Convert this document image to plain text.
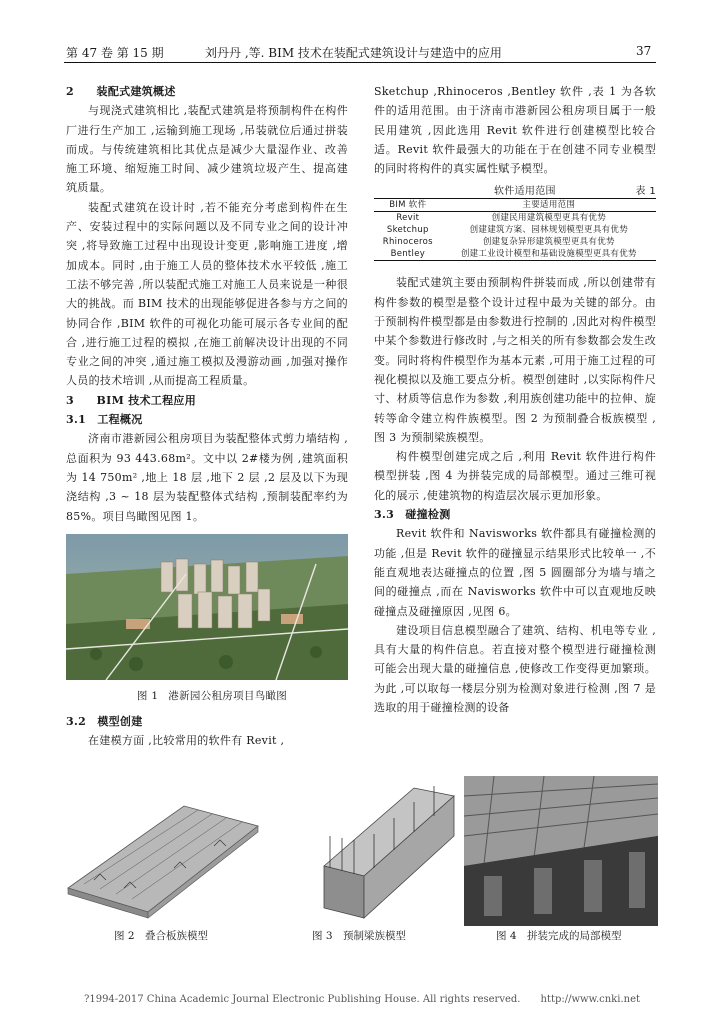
第 47 卷 第 15 期	刘丹丹 ,等. BIM 技术在装配式建筑设计与建造中的应用	37
2　　装配式建筑概述

与现浇式建筑相比 ,装配式建筑是将预制构件在构件厂进行生产加工 ,运输到施工现场 ,吊装就位后通过拼装而成。与传统建筑相比其优点是减少大量湿作业、改善施工环境、缩短施工时间、减少建筑垃圾产生、提高建筑质量。

装配式建筑在设计时 ,若不能充分考虑到构件在生产、安装过程中的实际问题以及不同专业之间的设计冲突 ,将导致施工过程中出现设计变更 ,影响施工进度 ,增加成本。同时 ,由于施工人员的整体技术水平较低 ,施工工法不够完善 ,所以装配式施工对施工人员来说是一种很大的挑战。而 BIM 技术的出现能够促进各参与方之间的协同合作 ,BIM 软件的可视化功能可展示各专业间的配合 ,进行施工过程的模拟 ,在施工前解决设计出现的不同专业之间的冲突 ,通过施工模拟及漫游动画 ,加强对操作人员的技术培训 ,从而提高工程质量。

3　　BIM 技术工程应用
3.1　工程概况

济南市港新园公租房项目为装配整体式剪力墙结构 ,总面积为 93 443.68m²。文中以 2#楼为例 ,建筑面积为 14 750m² ,地上 18 层 ,地下 2 层 ,2 层及以下为现浇结构 ,3 ~ 18 层为装配整体式结构 ,预制装配率约为 85%。项目鸟瞰图见图 1。

图 1 港新园公租房项目鸟瞰图
3.2　模型创建

在建模方面 ,比较常用的软件有 Revit ,

Sketchup ,Rhinoceros ,Bentley 软件 ,表 1 为各软件的适用范围。由于济南市港新园公租房项目属于一般民用建筑 ,因此选用 Revit 软件进行创建模型比较合适。Revit 软件最强大的功能在于在创建不同专业模型的同时将构件的真实属性赋予模型。

软件适用范围	表 1
BIM 软件	主要适用范围
Revit	创建民用建筑模型更具有优势
Sketchup	创建建筑方案、园林规划模型更具有优势
Rhinoceros	创建复杂异形建筑模型更具有优势
Bentley	创建工业设计模型和基础设施模型更具有优势

装配式建筑主要由预制构件拼装而成 ,所以创建带有构件参数的模型是整个设计过程中最为关键的部分。由于预制构件模型都是由参数进行控制的 ,因此对构件模型中某个参数进行修改时 ,与之相关的所有参数都会发生改变。同时将构件模型作为基本元素 ,可用于施工过程的可视化模拟以及施工要点分析。模型创建时 ,以实际构件尺寸、材质等信息作为参数 ,利用族创建功能中的拉伸、旋转等命令建立构件族模型。图 2 为预制叠合板族模型 ,图 3 为预制梁族模型。

构件模型创建完成之后 ,利用 Revit 软件进行构件模型拼装 ,图 4 为拼装完成的局部模型。通过三维可视化的展示 ,使建筑物的构造层次展示更加形象。

3.3　碰撞检测

Revit 软件和 Navisworks 软件都具有碰撞检测的功能 ,但是 Revit 软件的碰撞显示结果形式比较单一 ,不能直观地表达碰撞点的位置 ,图 5 圆圈部分为墙与墙之间的碰撞点 ,而在 Navisworks 软件中可以直观地反映碰撞点及碰撞原因 ,见图 6。

建设项目信息模型融合了建筑、结构、机电等专业 ,具有大量的构件信息。若直接对整个模型进行碰撞检测可能会出现大量的碰撞信息 ,使修改工作变得更加繁琐。为此 ,可以取每一楼层分别为检测对象进行检测 ,图 7 是选取的用于碰撞检测的设备

图 2　叠合板族模型	图 3　预制梁族模型	图 4　拼装完成的局部模型
?1994-2017 China Academic Journal Electronic Publishing House. All rights reserved.　　http://www.cnki.net
